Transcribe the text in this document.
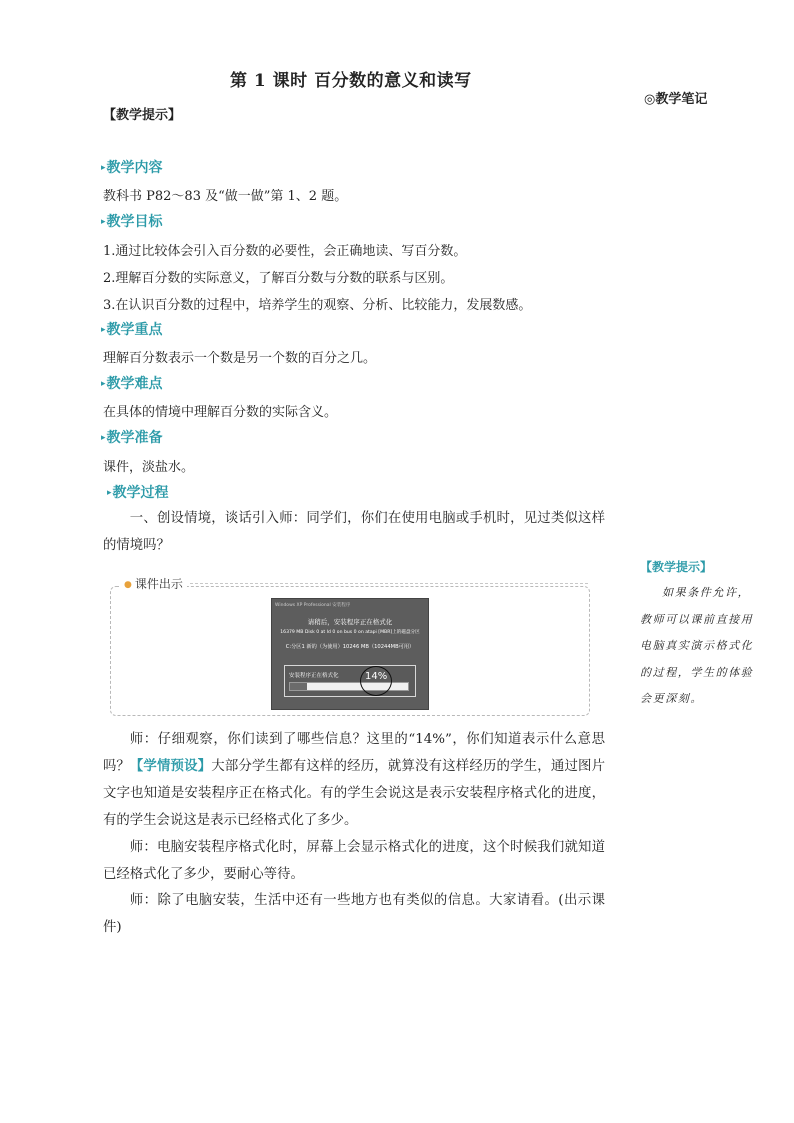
第 1 课时 百分数的意义和读写
◎教学笔记
【教学提示】
▸教学内容
教科书 P82～83 及“做一做”第 1、2 题。
▸教学目标
1.通过比较体会引入百分数的必要性，会正确地读、写百分数。
2.理解百分数的实际意义，了解百分数与分数的联系与区别。
3.在认识百分数的过程中，培养学生的观察、分析、比较能力，发展数感。
▸教学重点
理解百分数表示一个数是另一个数的百分之几。
▸教学难点
在具体的情境中理解百分数的实际含义。
▸教学准备
课件，淡盐水。
▸教学过程
一、创设情境，谈话引入师：同学们，你们在使用电脑或手机时，见过类似这样的情境吗？
● 课件出示
Windows XP Professional 安装程序
请稍后，安装程序正在格式化
16379 MB Disk 0 at Id 0 on bus 0 on atapi [MBR]上的磁盘分区
C:分区1 新的（为使用）10246 MB（10244MB可用）
安装程序正在格式化	14%
师：仔细观察，你们读到了哪些信息？这里的“14%”，你们知道表示什么意思吗？ 【学情预设】大部分学生都有这样的经历，就算没有这样经历的学生，通过图片文字也知道是安装程序正在格式化。有的学生会说这是表示安装程序格式化的进度，有的学生会说这是表示已经格式化了多少。
师：电脑安装程序格式化时，屏幕上会显示格式化的进度，这个时候我们就知道已经格式化了多少，要耐心等待。
师：除了电脑安装，生活中还有一些地方也有类似的信息。大家请看。(出示课件)
【教学提示】
如果条件允许，教师可以课前直接用电脑真实演示格式化的过程，学生的体验会更深刻。
